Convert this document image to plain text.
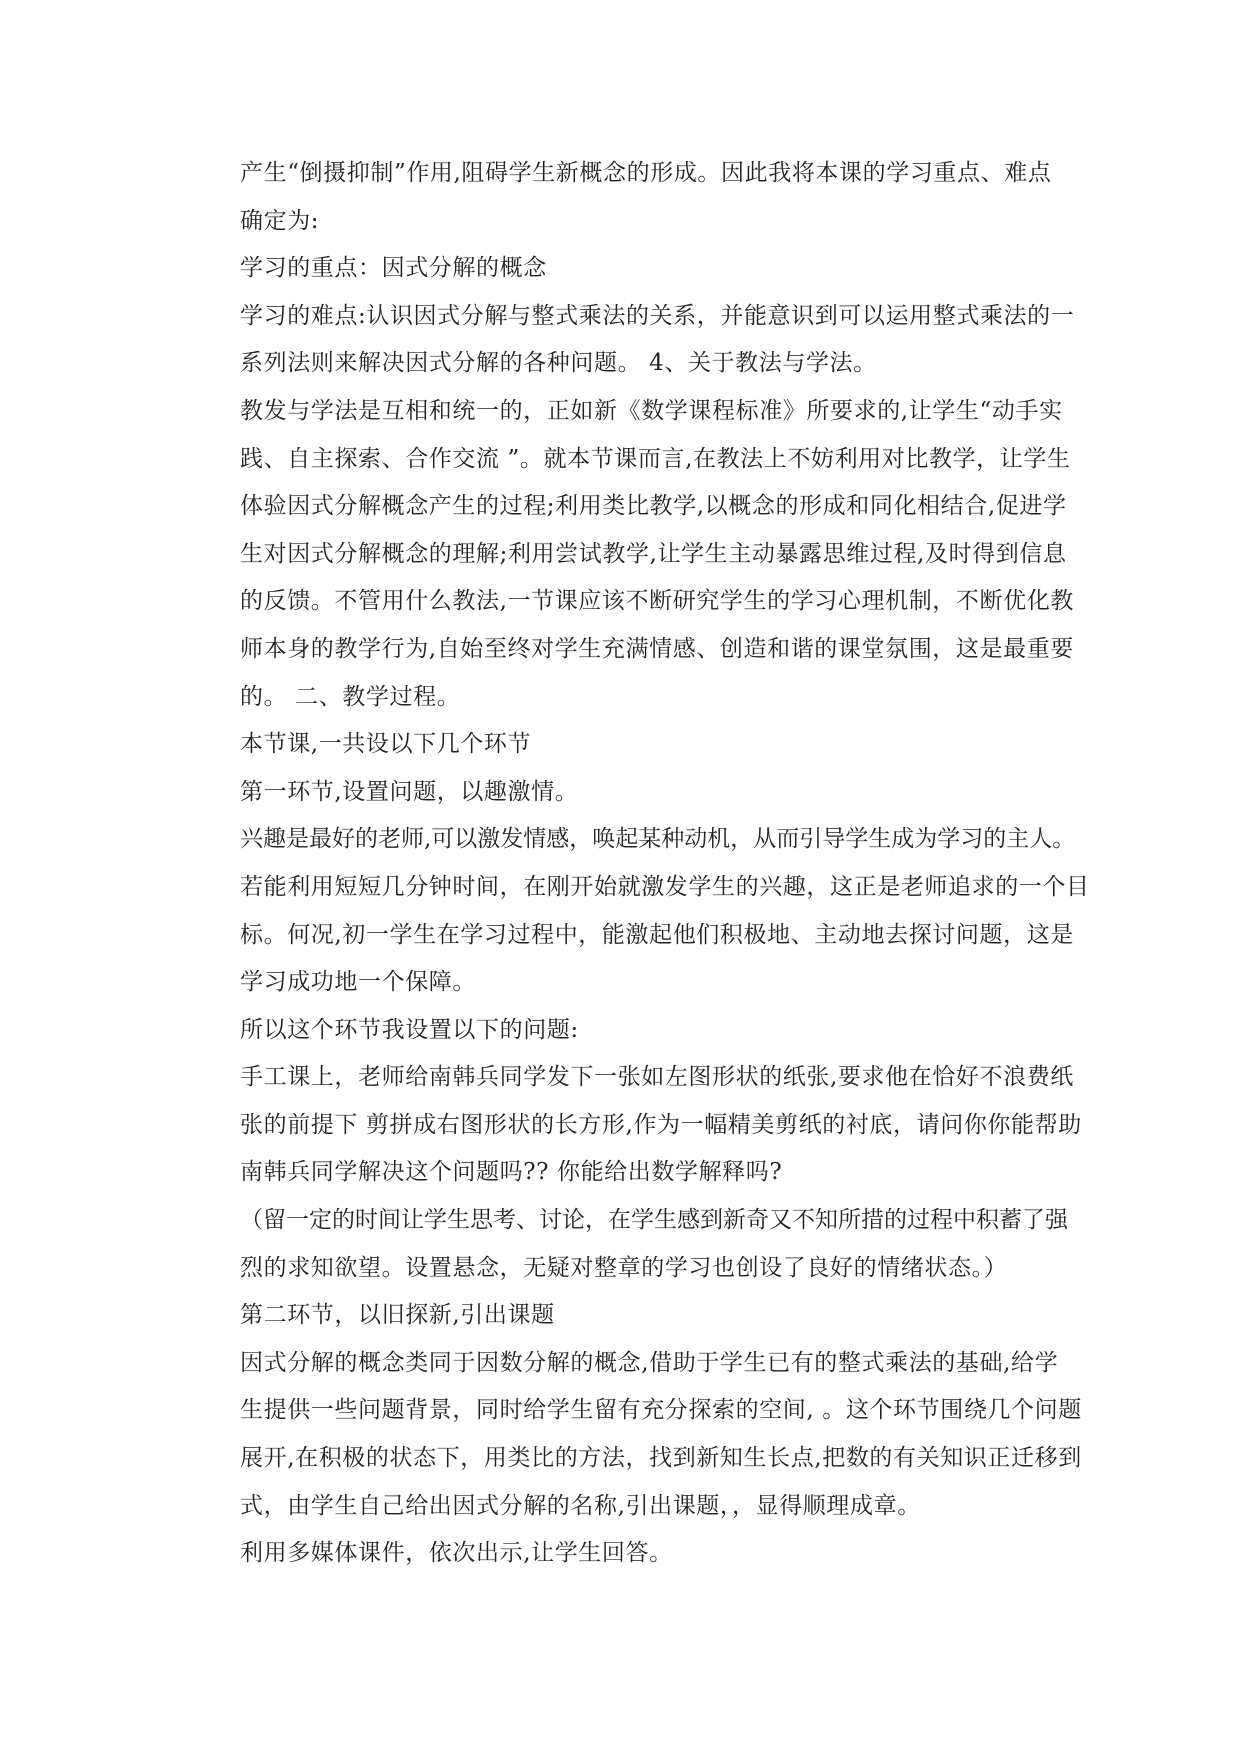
产生“倒摄抑制”作用,阻碍学生新概念的形成。因此我将本课的学习重点、难点
确定为:
学习的重点：因式分解的概念
学习的难点:认识因式分解与整式乘法的关系，并能意识到可以运用整式乘法的一
系列法则来解决因式分解的各种问题。 4、关于教法与学法。
教发与学法是互相和统一的，正如新《数学课程标准》所要求的,让学生“动手实
践、自主探索、合作交流 ”。就本节课而言,在教法上不妨利用对比教学，让学生
体验因式分解概念产生的过程;利用类比教学,以概念的形成和同化相结合,促进学
生对因式分解概念的理解;利用尝试教学,让学生主动暴露思维过程,及时得到信息
的反馈。不管用什么教法,一节课应该不断研究学生的学习心理机制，不断优化教
师本身的教学行为,自始至终对学生充满情感、创造和谐的课堂氛围，这是最重要
的。 二、教学过程。
本节课,一共设以下几个环节
第一环节,设置问题，以趣激情。
兴趣是最好的老师,可以激发情感，唤起某种动机，从而引导学生成为学习的主人。
若能利用短短几分钟时间，在刚开始就激发学生的兴趣，这正是老师追求的一个目
标。何况,初一学生在学习过程中，能激起他们积极地、主动地去探讨问题，这是
学习成功地一个保障。
所以这个环节我设置以下的问题:
手工课上，老师给南韩兵同学发下一张如左图形状的纸张,要求他在恰好不浪费纸
张的前提下 剪拼成右图形状的长方形,作为一幅精美剪纸的衬底，请问你你能帮助
南韩兵同学解决这个问题吗?? 你能给出数学解释吗?
（留一定的时间让学生思考、讨论，在学生感到新奇又不知所措的过程中积蓄了强
烈的求知欲望。设置悬念，无疑对整章的学习也创设了良好的情绪状态。）
第二环节，以旧探新,引出课题
因式分解的概念类同于因数分解的概念,借助于学生已有的整式乘法的基础,给学
生提供一些问题背景，同时给学生留有充分探索的空间, 。这个环节围绕几个问题
展开,在积极的状态下，用类比的方法，找到新知生长点,把数的有关知识正迁移到
式，由学生自己给出因式分解的名称,引出课题，，显得顺理成章。
利用多媒体课件，依次出示,让学生回答。
